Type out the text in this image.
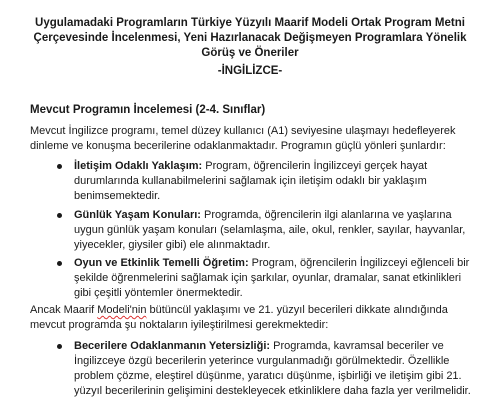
Uygulamadaki Programların Türkiye Yüzyılı Maarif Modeli Ortak Program Metni Çerçevesinde İncelenmesi, Yeni Hazırlanacak Değişmeyen Programlara Yönelik Görüş ve Öneriler

-İNGİLİZCE-

Mevcut Programın İncelemesi (2-4. Sınıflar)

Mevcut İngilizce programı, temel düzey kullanıcı (A1) seviyesine ulaşmayı hedefleyerek dinleme ve konuşma becerilerine odaklanmaktadır. Programın güçlü yönleri şunlardır:

İletişim Odaklı Yaklaşım: Program, öğrencilerin İngilizceyi gerçek hayat durumlarında kullanabilmelerini sağlamak için iletişim odaklı bir yaklaşım benimsemektedir.
Günlük Yaşam Konuları: Programda, öğrencilerin ilgi alanlarına ve yaşlarına uygun günlük yaşam konuları (selamlaşma, aile, okul, renkler, sayılar, hayvanlar, yiyecekler, giysiler gibi) ele alınmaktadır.
Oyun ve Etkinlik Temelli Öğretim: Program, öğrencilerin İngilizceyi eğlenceli bir şekilde öğrenmelerini sağlamak için şarkılar, oyunlar, dramalar, sanat etkinlikleri gibi çeşitli yöntemler önermektedir.

Ancak Maarif Modeli'nin bütüncül yaklaşımı ve 21. yüzyıl becerileri dikkate alındığında mevcut programda şu noktaların iyileştirilmesi gerekmektedir:

Becerilere Odaklanmanın Yetersizliği: Programda, kavramsal beceriler ve İngilizceye özgü becerilerin yeterince vurgulanmadığı görülmektedir. Özellikle problem çözme, eleştirel düşünme, yaratıcı düşünme, işbirliği ve iletişim gibi 21. yüzyıl becerilerinin gelişimini destekleyecek etkinliklere daha fazla yer verilmelidir.
